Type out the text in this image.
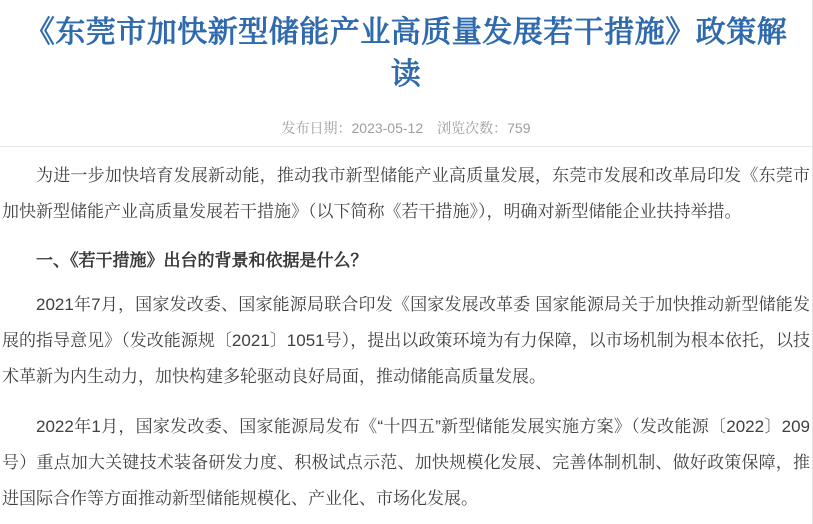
《东莞市加快新型储能产业高质量发展若干措施》政策解读
发布日期：2023-05-12 浏览次数：759

为进一步加快培育发展新动能，推动我市新型储能产业高质量发展，东莞市发展和改革局印发《东莞市加快新型储能产业高质量发展若干措施》（以下简称《若干措施》），明确对新型储能企业扶持举措。

一、《若干措施》出台的背景和依据是什么？

2021年7月，国家发改委、国家能源局联合印发《国家发展改革委 国家能源局关于加快推动新型储能发展的指导意见》（发改能源规〔2021〕1051号），提出以政策环境为有力保障，以市场机制为根本依托，以技术革新为内生动力，加快构建多轮驱动良好局面，推动储能高质量发展。

2022年1月，国家发改委、国家能源局发布《“十四五”新型储能发展实施方案》（发改能源〔2022〕209号）重点加大关键技术装备研发力度、积极试点示范、加快规模化发展、完善体制机制、做好政策保障，推进国际合作等方面推动新型储能规模化、产业化、市场化发展。
